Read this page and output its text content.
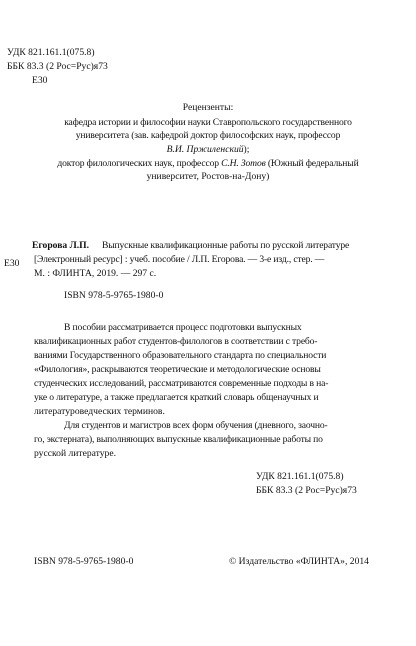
УДК 821.161.1(075.8)
ББК 83.3 (2 Рос=Рус)я73
Е30
Рецензенты:
кафедра истории и философии науки Ставропольского государственного
университета (зав. кафедрой доктор философских наук, профессор
В.И. Пржиленский);
доктор филологических наук, профессор С.Н. Зотов (Южный федеральный
университет, Ростов-на-Дону)
Егорова Л.П. Выпускные квалификационные работы по русской литературе
Е30 [Электронный ресурс] : учеб. пособие / Л.П. Егорова. — 3-е изд., стер. —
М. : ФЛИНТА, 2019. — 297 с.
ISBN 978-5-9765-1980-0
В пособии рассматривается процесс подготовки выпускных
квалификационных работ студентов-филологов в соответствии с требо-
ваниями Государственного образовательного стандарта по специальности
«Филология», раскрываются теоретические и методологические основы
студенческих исследований, рассматриваются современные подходы в на-
уке о литературе, а также предлагается краткий словарь общенаучных и
литературоведческих терминов.
Для студентов и магистров всех форм обучения (дневного, заочно-
го, экстерната), выполняющих выпускные квалификационные работы по
русской литературе.
УДК 821.161.1(075.8)
ББК 83.3 (2 Рос=Рус)я73
ISBN 978-5-9765-1980-0	© Издательство «ФЛИНТА», 2014
